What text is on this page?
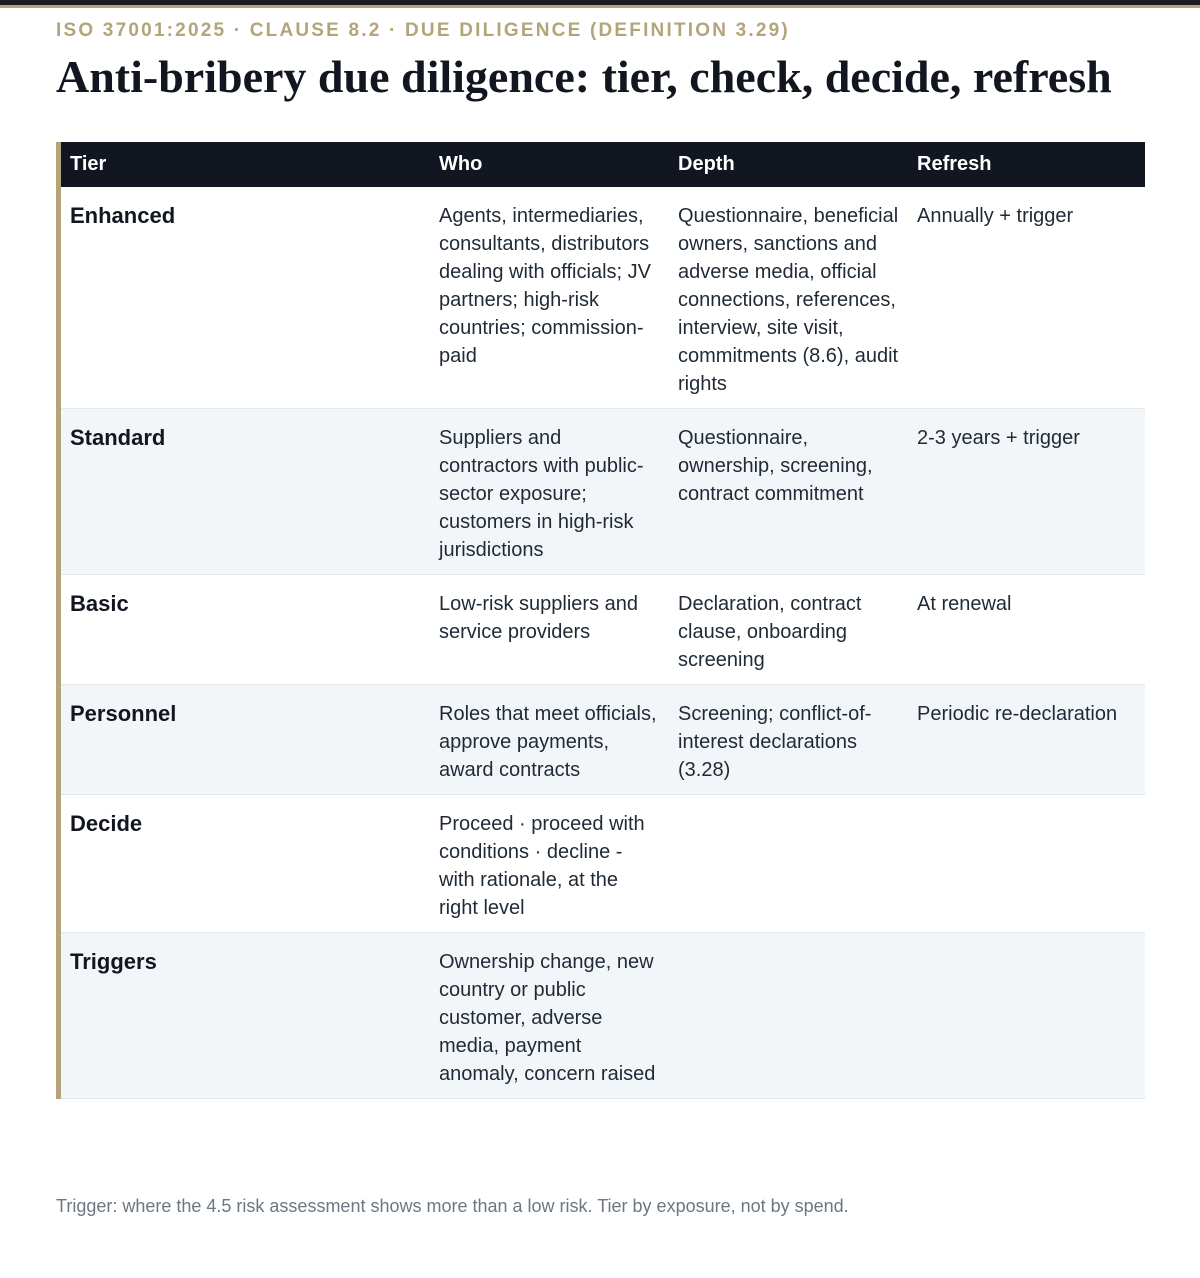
ISO 37001:2025 · CLAUSE 8.2 · DUE DILIGENCE (DEFINITION 3.29)
Anti-bribery due diligence: tier, check, decide, refresh
Tier	Who	Depth	Refresh
Enhanced	Agents, intermediaries, consultants, distributors dealing with officials; JV partners; high-risk countries; commission-paid	Questionnaire, beneficial owners, sanctions and adverse media, official connections, references, interview, site visit, commitments (8.6), audit rights	Annually + trigger
Standard	Suppliers and contractors with public-sector exposure; customers in high-risk jurisdictions	Questionnaire, ownership, screening, contract commitment	2-3 years + trigger
Basic	Low-risk suppliers and service providers	Declaration, contract clause, onboarding screening	At renewal
Personnel	Roles that meet officials, approve payments, award contracts	Screening; conflict-of-interest declarations (3.28)	Periodic re-declaration
Decide	Proceed · proceed with conditions · decline - with rationale, at the right level		
Triggers	Ownership change, new country or public customer, adverse media, payment anomaly, concern raised		
Trigger: where the 4.5 risk assessment shows more than a low risk. Tier by exposure, not by spend.
